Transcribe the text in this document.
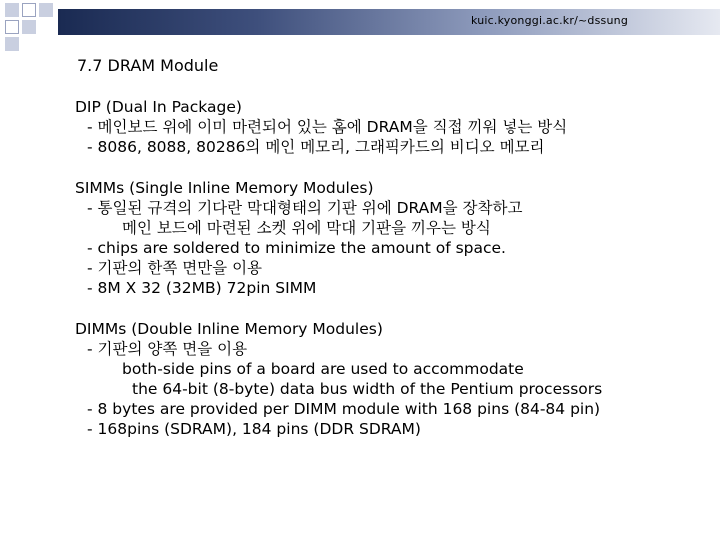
kuic.kyonggi.ac.kr/~dssung
7.7 DRAM Module
DIP (Dual In Package)
- 메인보드 위에 이미 마련되어 있는 홈에 DRAM을 직접 끼워 넣는 방식
- 8086, 8088, 80286의 메인 메모리, 그래픽카드의 비디오 메모리
SIMMs (Single Inline Memory Modules)
- 통일된 규격의 기다란 막대형태의 기판 위에 DRAM을 장착하고
메인 보드에 마련된 소켓 위에 막대 기판을 끼우는 방식
- chips are soldered to minimize the amount of space.
- 기판의 한쪽 면만을 이용
- 8M X 32 (32MB) 72pin SIMM
DIMMs (Double Inline Memory Modules)
- 기판의 양쪽 면을 이용
both-side pins of a board are used to accommodate
the 64-bit (8-byte) data bus width of the Pentium processors
- 8 bytes are provided per DIMM module with 168 pins (84-84 pin)
- 168pins (SDRAM), 184 pins (DDR SDRAM)
